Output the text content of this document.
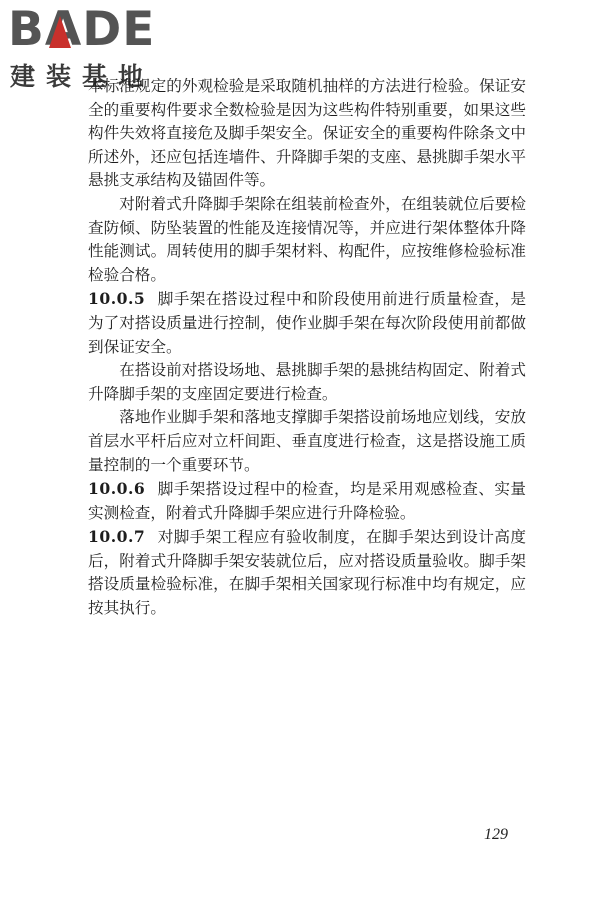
BADE
建装基地

本标准规定的外观检验是采取随机抽样的方法进行检验。保证安全的重要构件要求全数检验是因为这些构件特别重要，如果这些构件失效将直接危及脚手架安全。保证安全的重要构件除条文中所述外，还应包括连墙件、升降脚手架的支座、悬挑脚手架水平悬挑支承结构及锚固件等。

对附着式升降脚手架除在组装前检查外，在组装就位后要检查防倾、防坠装置的性能及连接情况等，并应进行架体整体升降性能测试。周转使用的脚手架材料、构配件，应按维修检验标准检验合格。

10.0.5 脚手架在搭设过程中和阶段使用前进行质量检查，是为了对搭设质量进行控制，使作业脚手架在每次阶段使用前都做到保证安全。

在搭设前对搭设场地、悬挑脚手架的悬挑结构固定、附着式升降脚手架的支座固定要进行检查。

落地作业脚手架和落地支撑脚手架搭设前场地应划线，安放首层水平杆后应对立杆间距、垂直度进行检查，这是搭设施工质量控制的一个重要环节。

10.0.6 脚手架搭设过程中的检查，均是采用观感检查、实量实测检查，附着式升降脚手架应进行升降检验。

10.0.7 对脚手架工程应有验收制度，在脚手架达到设计高度后，附着式升降脚手架安装就位后，应对搭设质量验收。脚手架搭设质量检验标准，在脚手架相关国家现行标准中均有规定，应按其执行。

129
